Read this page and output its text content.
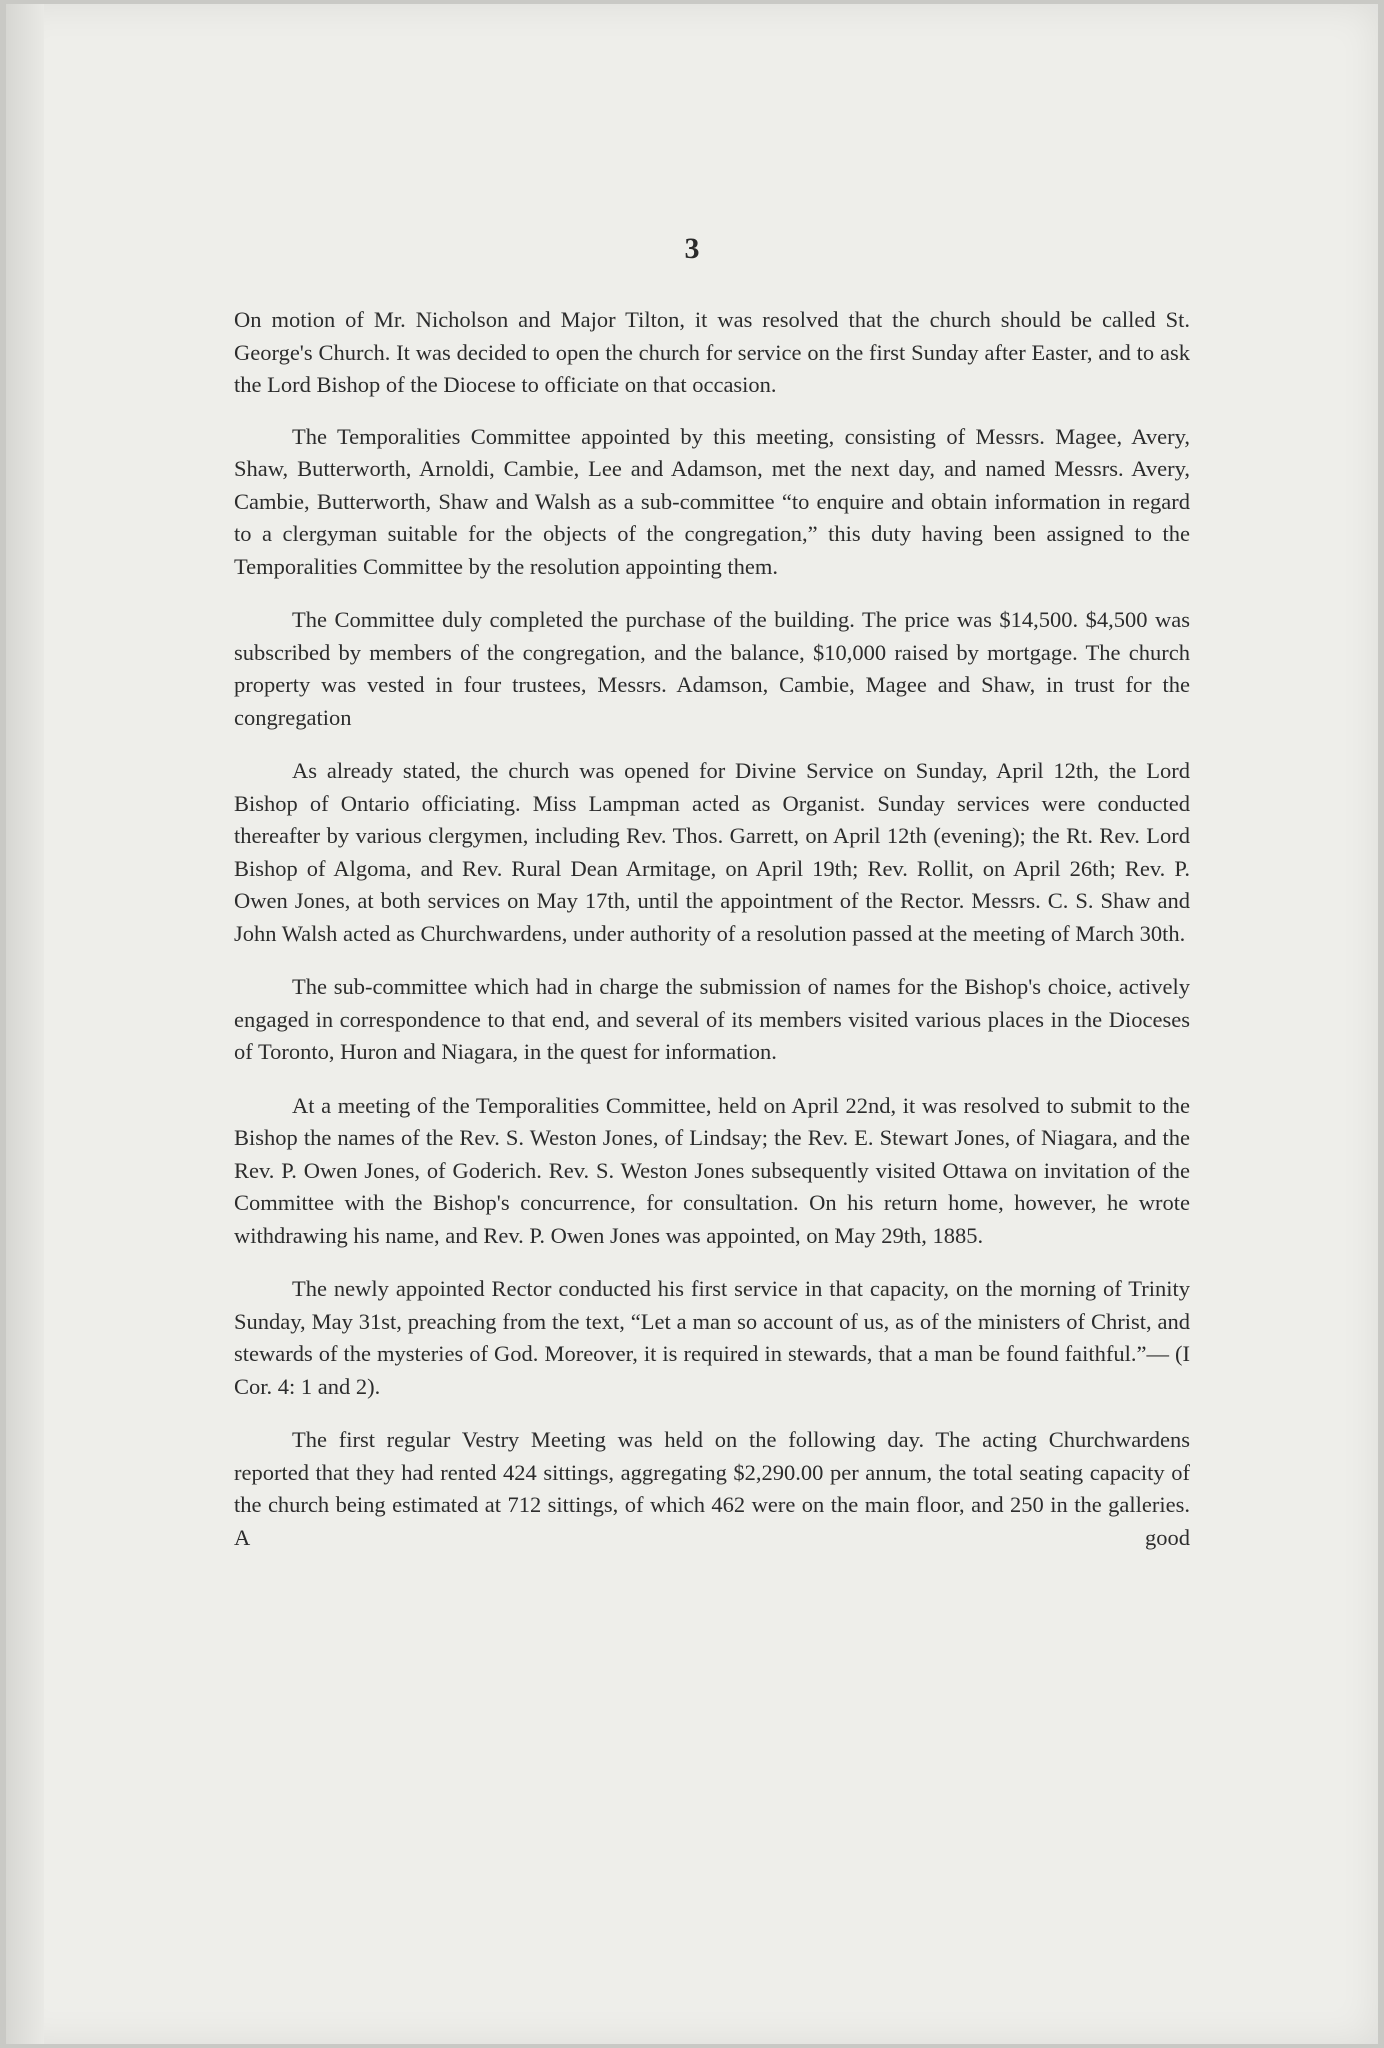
3

On motion of Mr. Nicholson and Major Tilton, it was resolved that the church should be called St. George's Church. It was decided to open the church for service on the first Sunday after Easter, and to ask the Lord Bishop of the Diocese to officiate on that occasion.

The Temporalities Committee appointed by this meeting, consisting of Messrs. Magee, Avery, Shaw, Butterworth, Arnoldi, Cambie, Lee and Adamson, met the next day, and named Messrs. Avery, Cambie, Butterworth, Shaw and Walsh as a sub-committee “to enquire and obtain information in regard to a clergyman suitable for the objects of the congregation,” this duty having been assigned to the Temporalities Committee by the resolution appointing them.

The Committee duly completed the purchase of the building. The price was $14,500. $4,500 was subscribed by members of the congregation, and the balance, $10,000 raised by mortgage. The church property was vested in four trustees, Messrs. Adamson, Cambie, Magee and Shaw, in trust for the congregation

As already stated, the church was opened for Divine Service on Sunday, April 12th, the Lord Bishop of Ontario officiating. Miss Lampman acted as Organist. Sunday services were conducted thereafter by various clergymen, including Rev. Thos. Garrett, on April 12th (evening); the Rt. Rev. Lord Bishop of Algoma, and Rev. Rural Dean Armitage, on April 19th; Rev. Rollit, on April 26th; Rev. P. Owen Jones, at both services on May 17th, until the appointment of the Rector. Messrs. C. S. Shaw and John Walsh acted as Churchwardens, under authority of a resolution passed at the meeting of March 30th.

The sub-committee which had in charge the submission of names for the Bishop's choice, actively engaged in correspondence to that end, and several of its members visited various places in the Dioceses of Toronto, Huron and Niagara, in the quest for information.

At a meeting of the Temporalities Committee, held on April 22nd, it was resolved to submit to the Bishop the names of the Rev. S. Weston Jones, of Lindsay; the Rev. E. Stewart Jones, of Niagara, and the Rev. P. Owen Jones, of Goderich. Rev. S. Weston Jones subsequently visited Ottawa on invitation of the Committee with the Bishop's concurrence, for consultation. On his return home, however, he wrote withdrawing his name, and Rev. P. Owen Jones was appointed, on May 29th, 1885.

The newly appointed Rector conducted his first service in that capacity, on the morning of Trinity Sunday, May 31st, preaching from the text, “Let a man so account of us, as of the ministers of Christ, and stewards of the mysteries of God. Moreover, it is required in stewards, that a man be found faithful.”— (I Cor. 4: 1 and 2).

The first regular Vestry Meeting was held on the following day. The acting Churchwardens reported that they had rented 424 sittings, aggregating $2,290.00 per annum, the total seating capacity of the church being estimated at 712 sittings, of which 462 were on the main floor, and 250 in the galleries. A good
